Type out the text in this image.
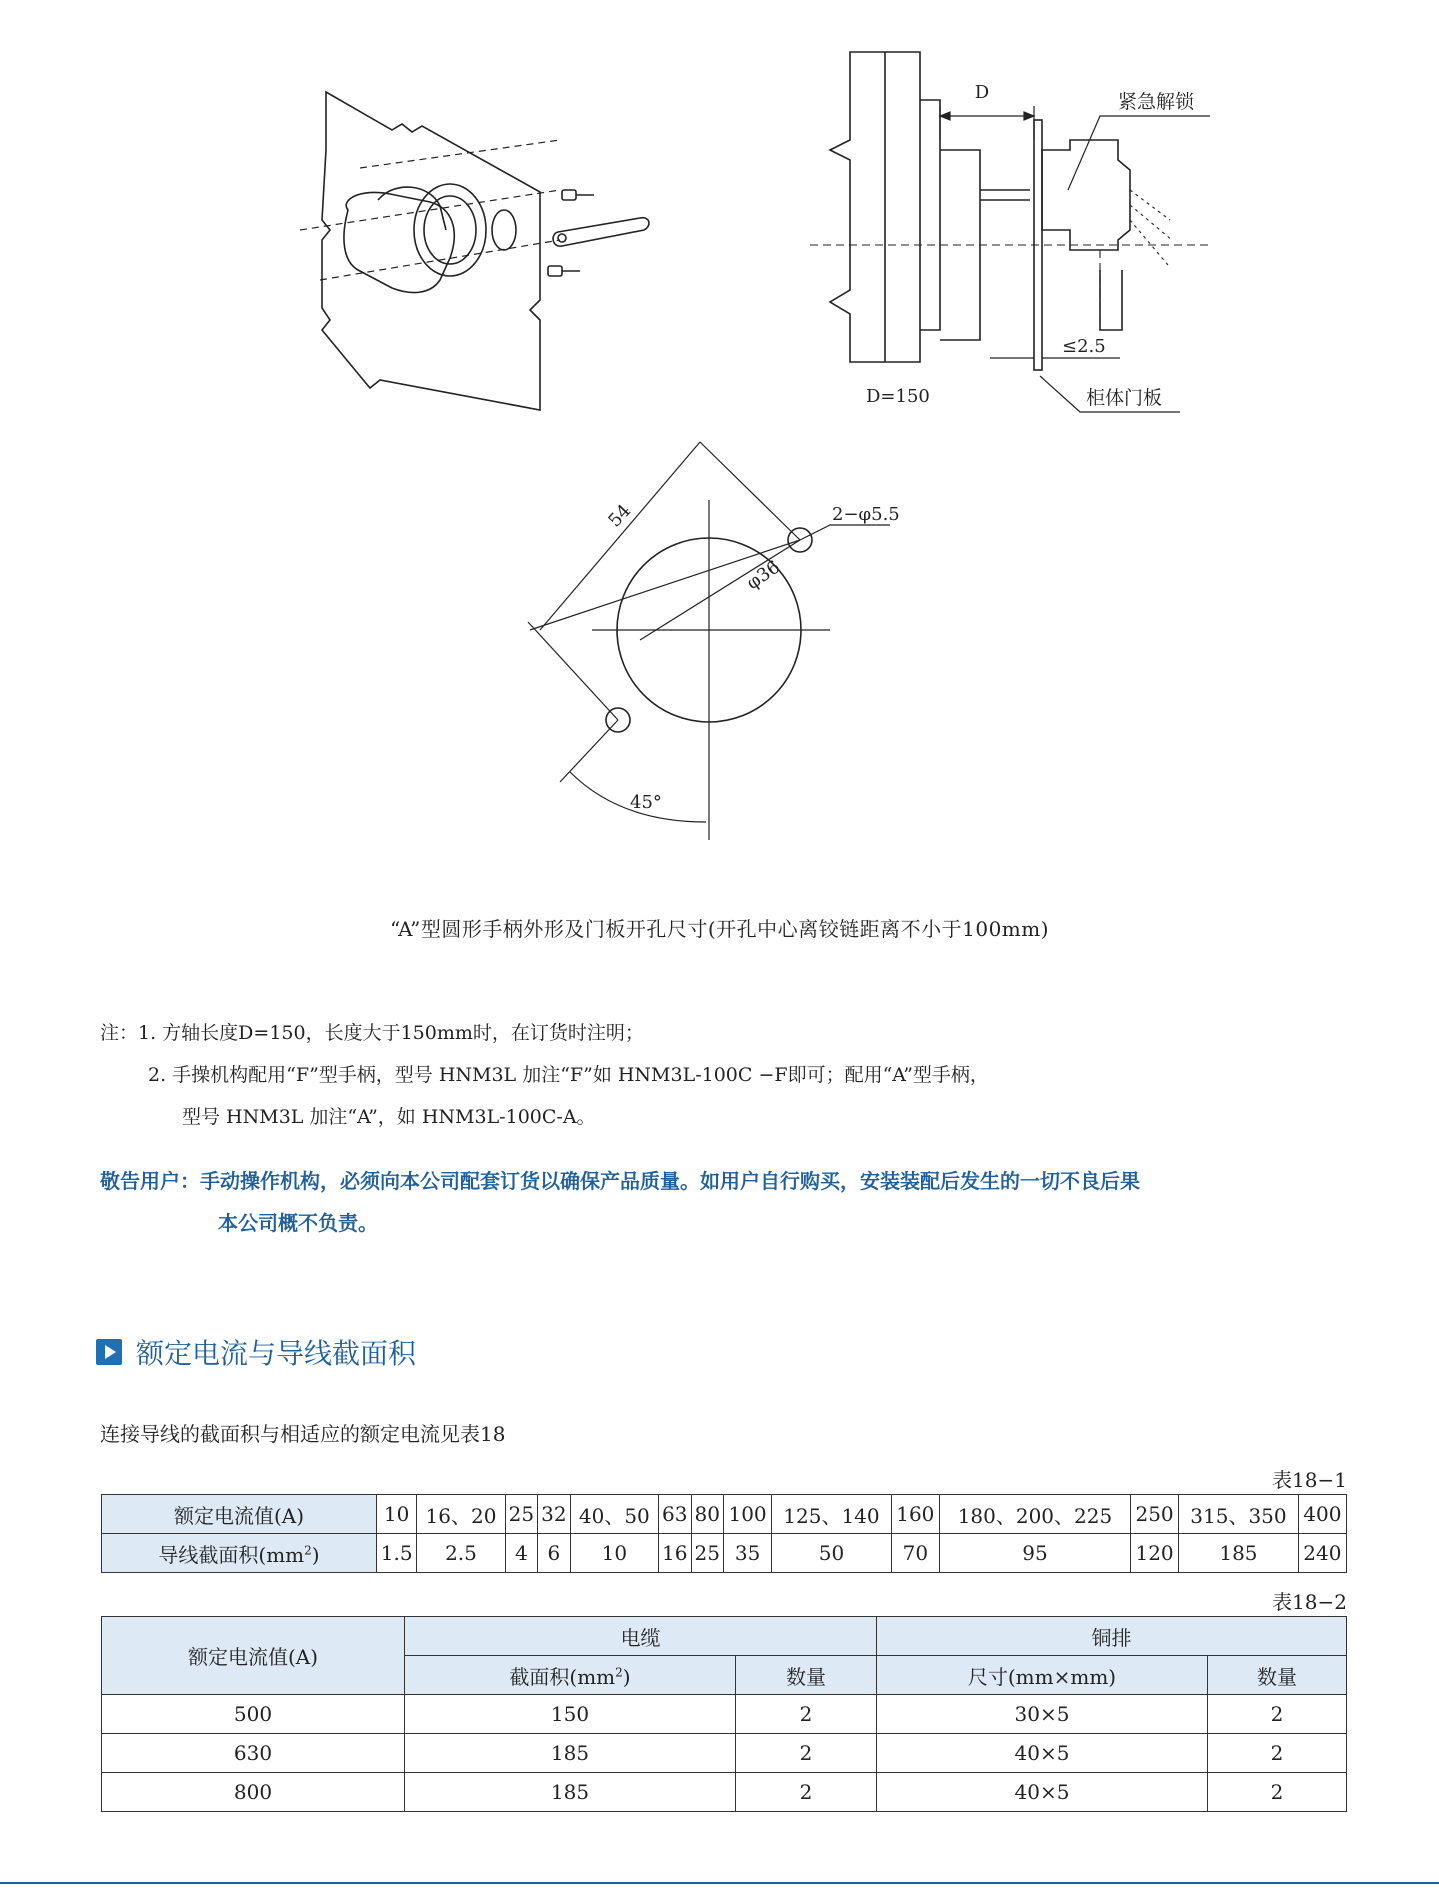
D	紧急解锁
≤2.5
柜体门板
D=150
54	2−φ5.5
φ36
45°
“A”型圆形手柄外形及门板开孔尺寸(开孔中心离铰链距离不小于100mm)
注：1. 方轴长度D=150，长度大于150mm时，在订货时注明；
2. 手操机构配用“F”型手柄，型号 HNM3L 加注“F”如 HNM3L-100C −F即可；配用“A”型手柄，
型号 HNM3L 加注“A”，如 HNM3L-100C-A。
敬告用户：手动操作机构，必须向本公司配套订货以确保产品质量。如用户自行购买，安装装配后发生的一切不良后果
本公司概不负责。
额定电流与导线截面积
连接导线的截面积与相适应的额定电流见表18
表18−1
额定电流值(A)	10	16、20	25	32	40、50	63	80	100	125、140	160	180、200、225	250	315、350	400
导线截面积$(mm^2)$	1.5	2.5	4	6	10	16	25	35	50	70	95	120	185	240
表18−2
额定电流值(A)	电缆		铜排	
	截面积$(mm^2)$	数量	尺寸(mm×mm)	数量
500	150	2	30×5	2
630	185	2	40×5	2
800	185	2	40×5	2
